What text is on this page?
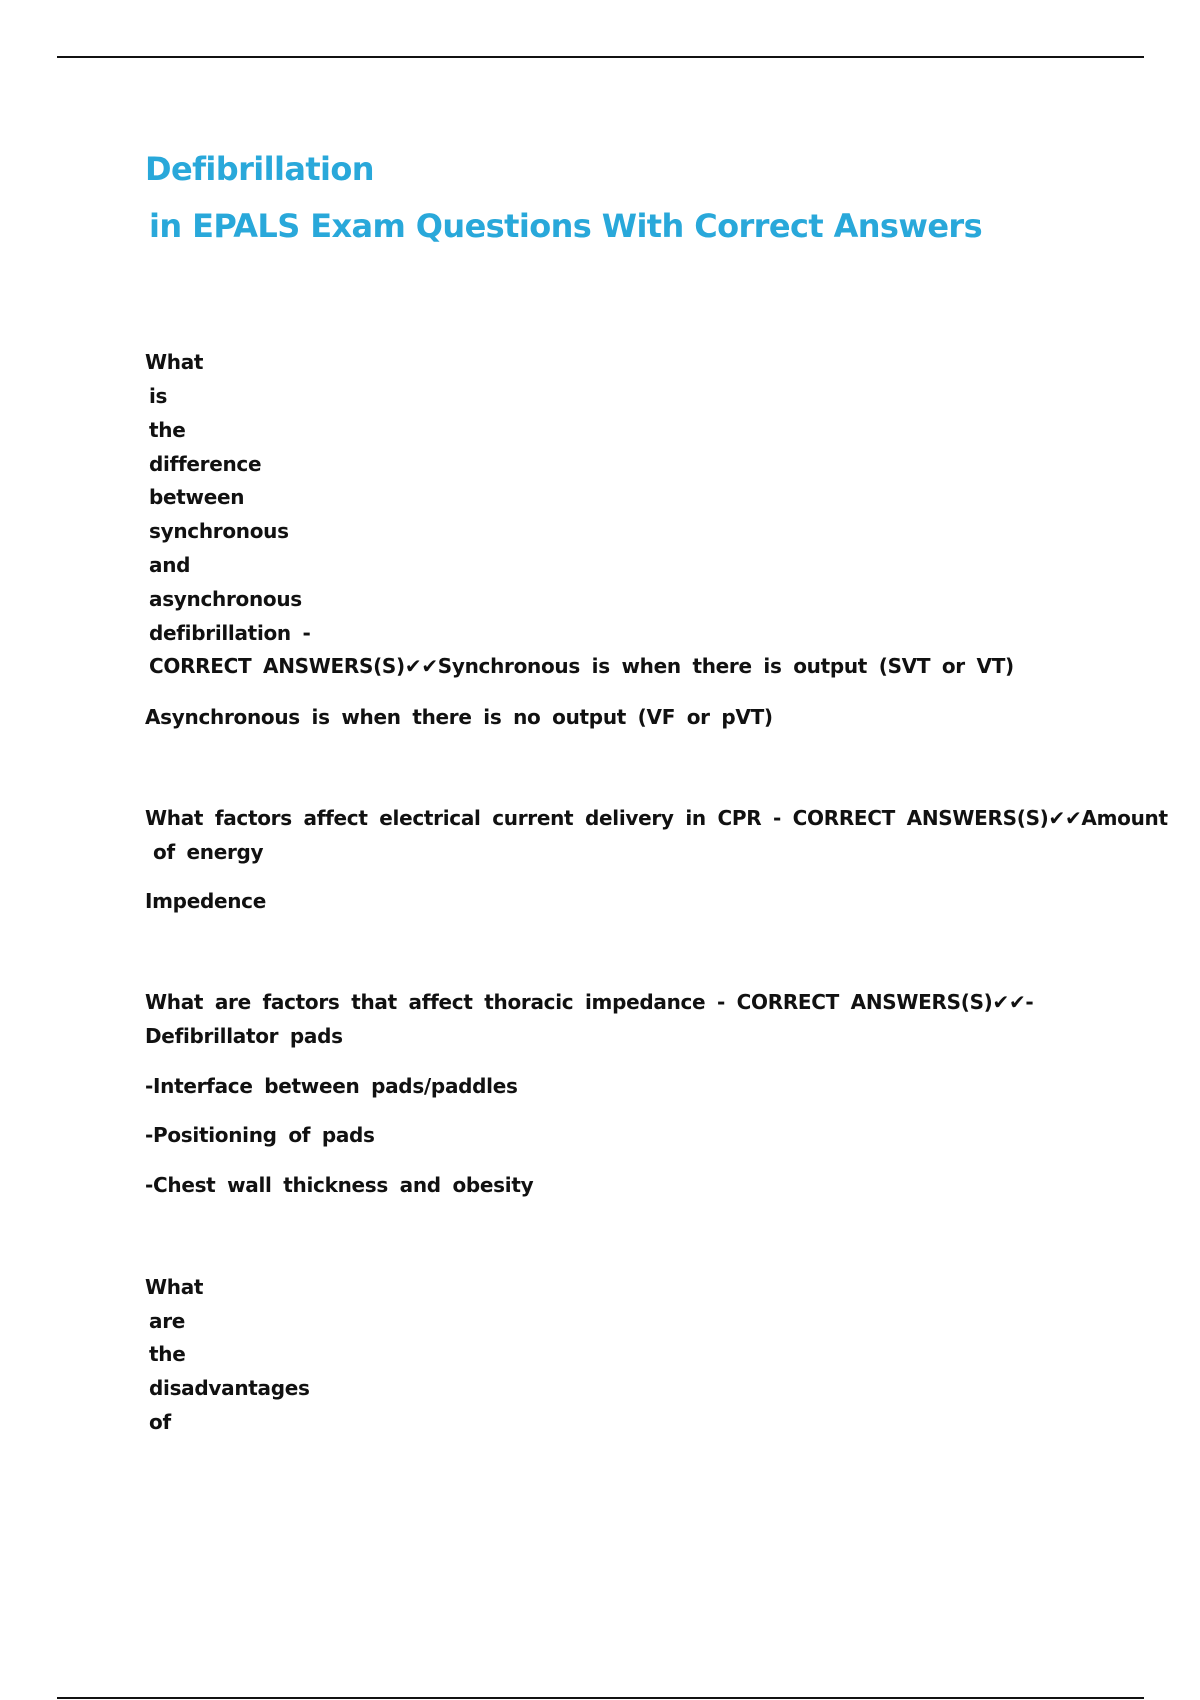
Defibrillation
in EPALS Exam Questions With Correct Answers

What

is

the

difference

between

synchronous

and

asynchronous

defibrillation -

CORRECT ANSWERS(S)✔✔Synchronous is when there is output (SVT or VT)

Asynchronous is when there is no output (VF or pVT)

What factors affect electrical current delivery in CPR - CORRECT ANSWERS(S)✔✔Amount

of energy

Impedence

What are factors that affect thoracic impedance - CORRECT ANSWERS(S)✔✔-

Defibrillator pads

-Interface between pads/paddles

-Positioning of pads

-Chest wall thickness and obesity

What

are

the

disadvantages

of
